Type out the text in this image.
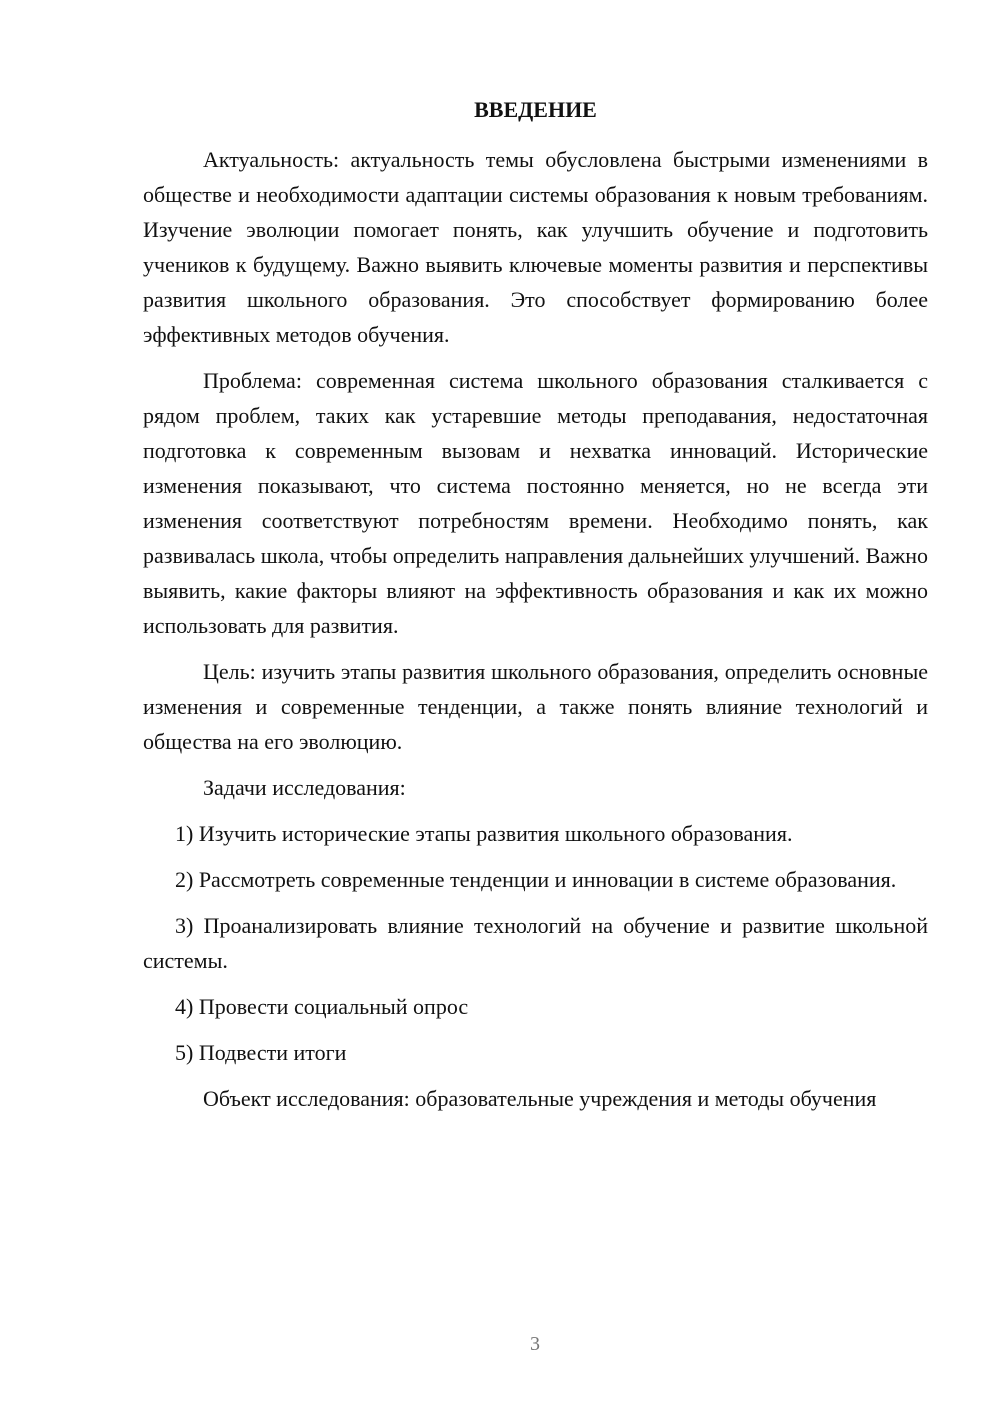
ВВЕДЕНИЕ

Актуальность: актуальность темы обусловлена быстрыми изменениями в обществе и необходимости адаптации системы образования к новым требованиям. Изучение эволюции помогает понять, как улучшить обучение и подготовить учеников к будущему. Важно выявить ключевые моменты развития и перспективы развития школьного образования. Это способствует формированию более эффективных методов обучения.

Проблема: современная система школьного образования сталкивается с рядом проблем, таких как устаревшие методы преподавания, недостаточная подготовка к современным вызовам и нехватка инноваций. Исторические изменения показывают, что система постоянно меняется, но не всегда эти изменения соответствуют потребностям времени. Необходимо понять, как развивалась школа, чтобы определить направления дальнейших улучшений. Важно выявить, какие факторы влияют на эффективность образования и как их можно использовать для развития.

Цель: изучить этапы развития школьного образования, определить основные изменения и современные тенденции, а также понять влияние технологий и общества на его эволюцию.

Задачи исследования:

1) Изучить исторические этапы развития школьного образования.

2) Рассмотреть современные тенденции и инновации в системе образования.

3) Проанализировать влияние технологий на обучение и развитие школьной системы.

4) Провести социальный опрос

5) Подвести итоги

Объект исследования: образовательные учреждения и методы обучения

3
